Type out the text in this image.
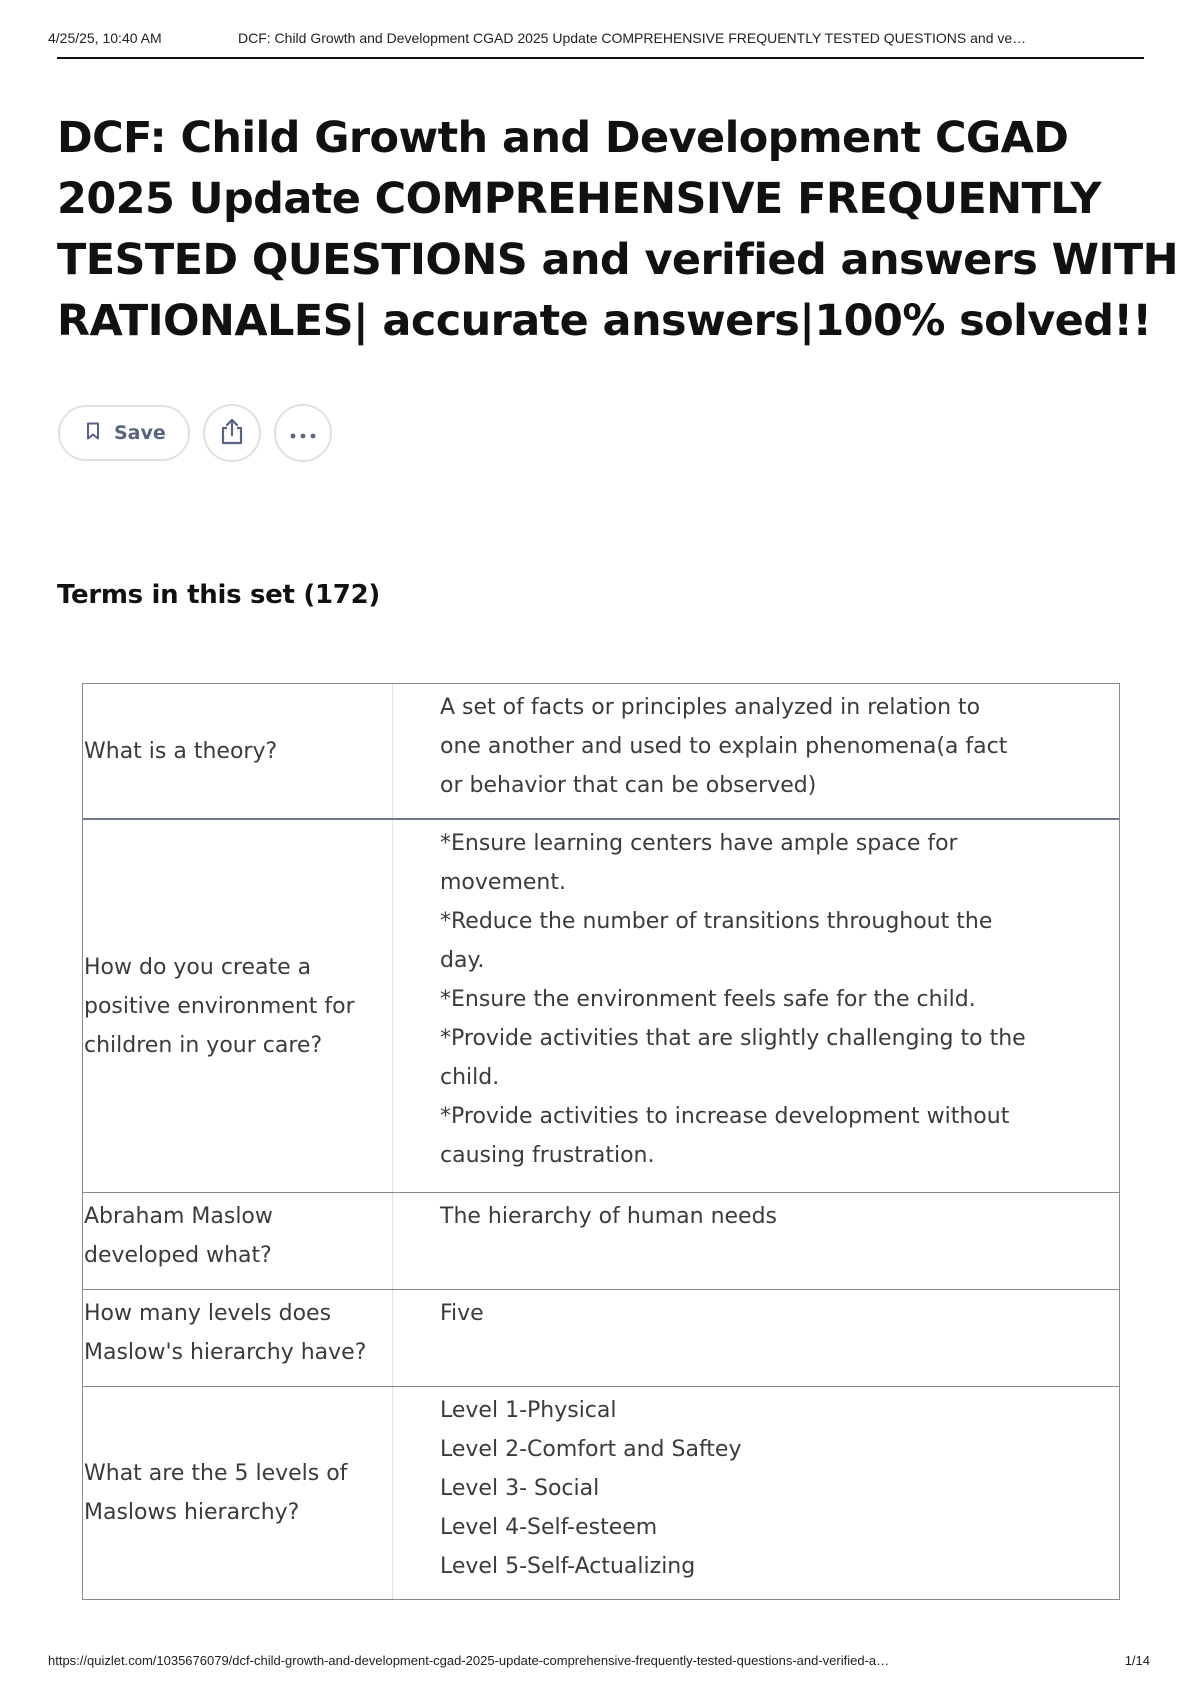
4/25/25, 10:40 AM	DCF: Child Growth and Development CGAD 2025 Update COMPREHENSIVE FREQUENTLY TESTED QUESTIONS and ve…
DCF: Child Growth and Development CGAD
2025 Update COMPREHENSIVE FREQUENTLY
TESTED QUESTIONS and verified answers WITH
RATIONALES| accurate answers|100% solved!!
Save
Terms in this set (172)
What is a theory?
A set of facts or principles analyzed in relation to
one another and used to explain phenomena(a fact
or behavior that can be observed)
How do you create a
positive environment for
children in your care?
*Ensure learning centers have ample space for
movement.
*Reduce the number of transitions throughout the
day.
*Ensure the environment feels safe for the child.
*Provide activities that are slightly challenging to the
child.
*Provide activities to increase development without
causing frustration.
Abraham Maslow
developed what?
The hierarchy of human needs
How many levels does
Maslow's hierarchy have?
Five
What are the 5 levels of
Maslows hierarchy?
Level 1-Physical
Level 2-Comfort and Saftey
Level 3- Social
Level 4-Self-esteem
Level 5-Self-Actualizing
https://quizlet.com/1035676079/dcf-child-growth-and-development-cgad-2025-update-comprehensive-frequently-tested-questions-and-verified-a…	1/14
